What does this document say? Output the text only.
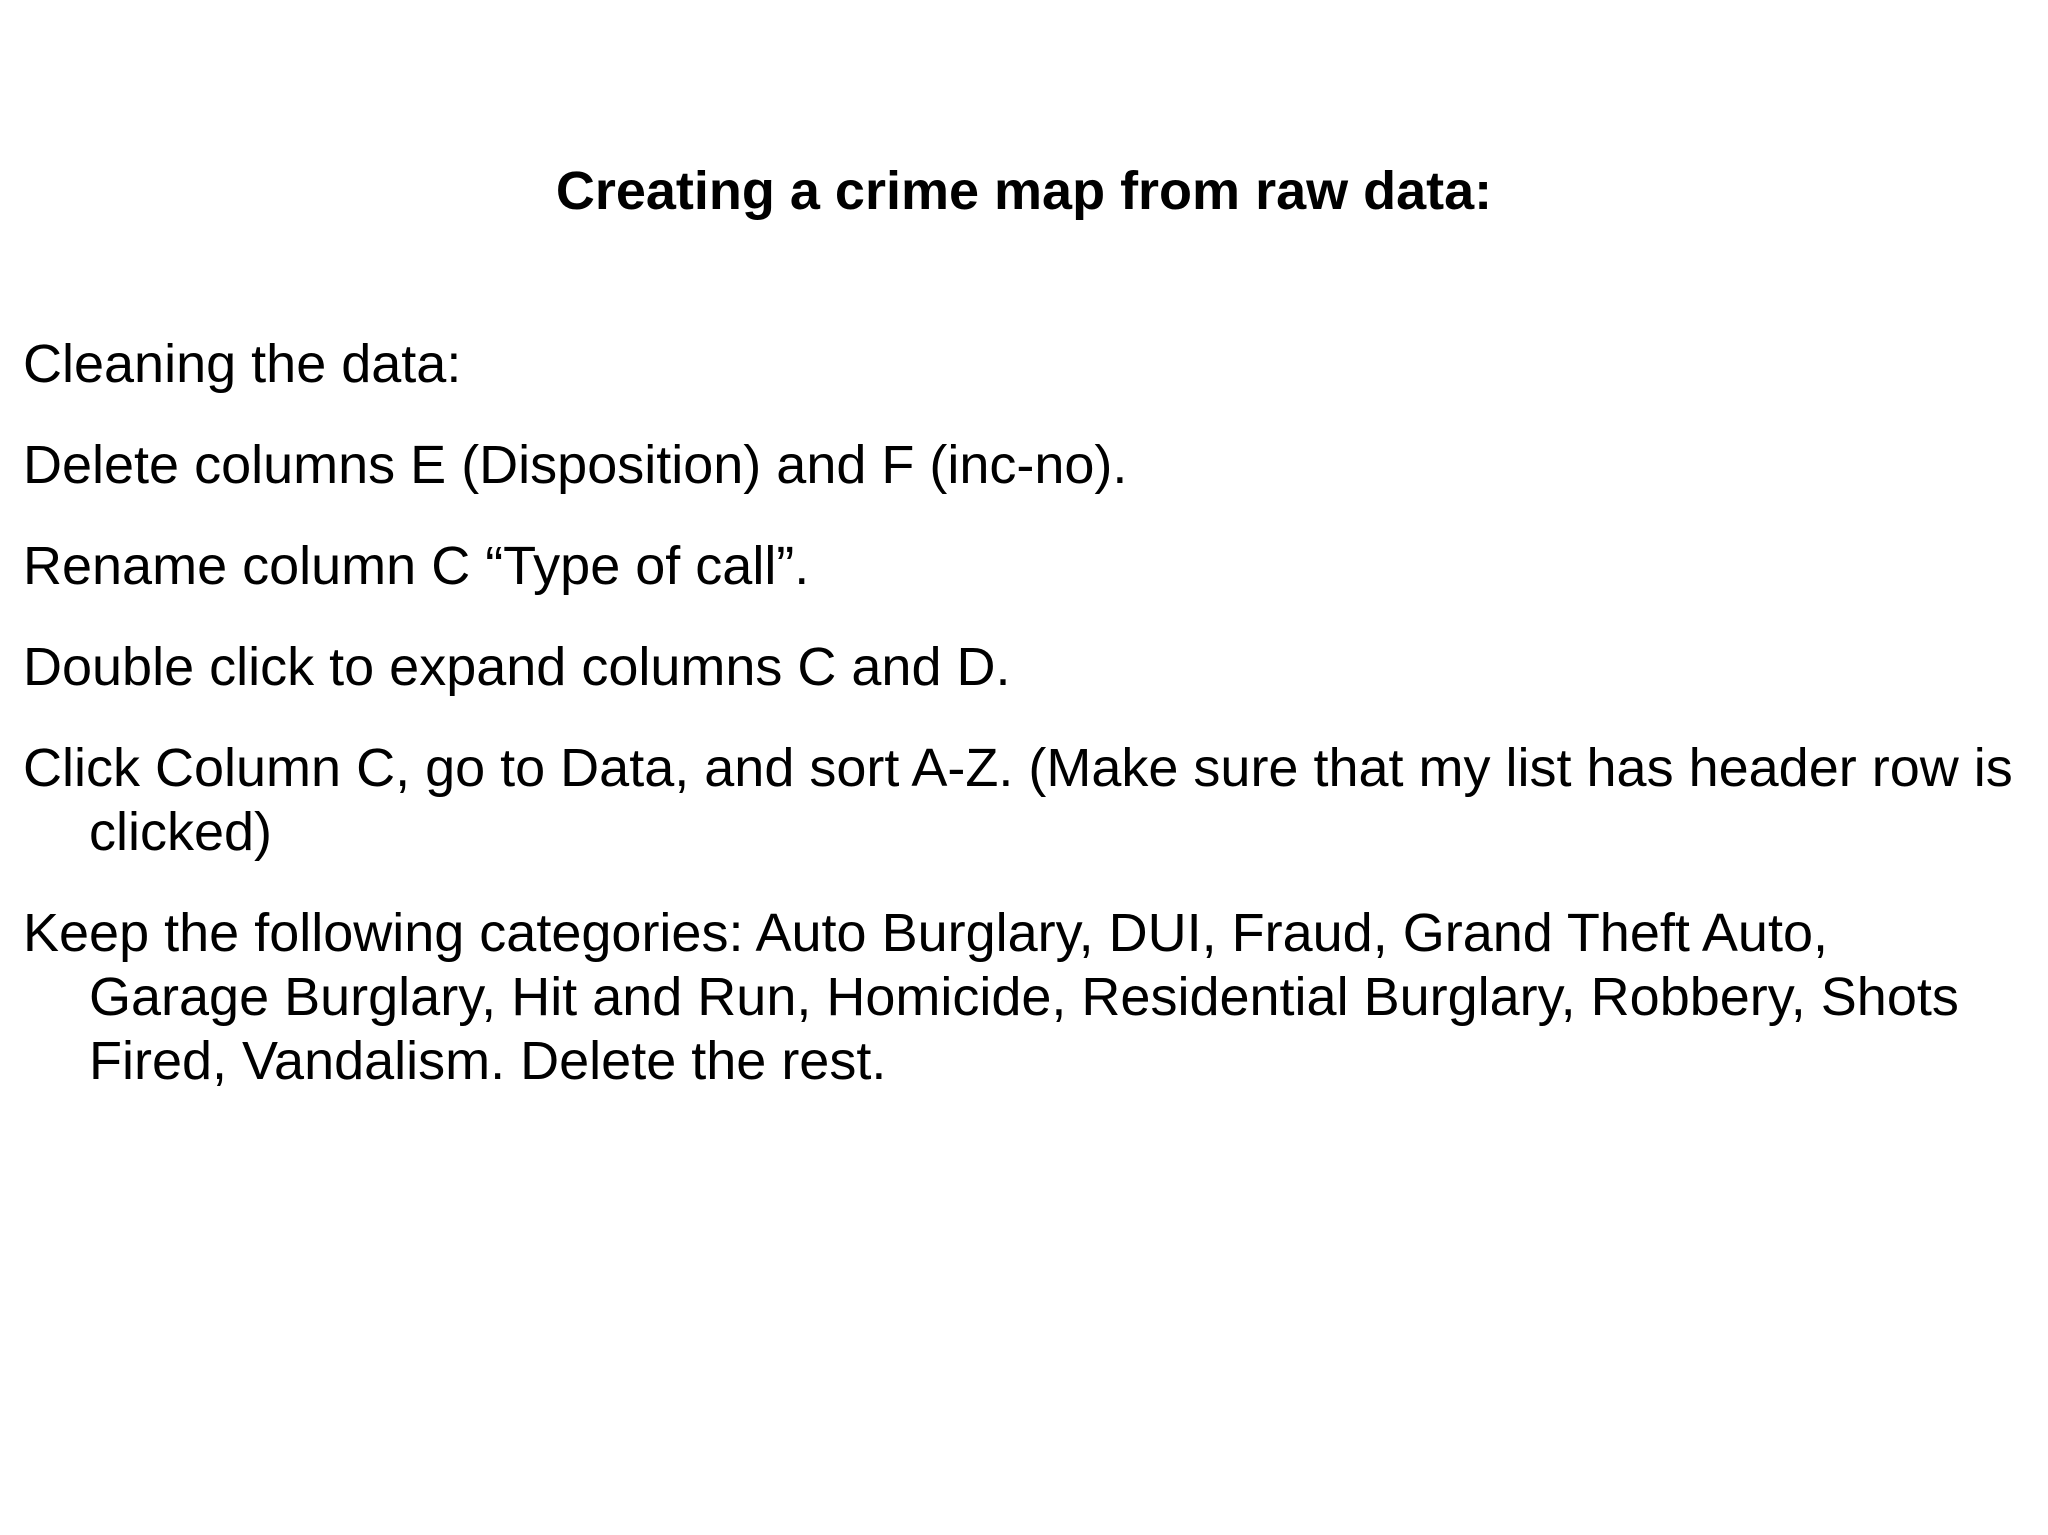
Creating a crime map from raw data:
Cleaning the data:
Delete columns E (Disposition) and F (inc-no).
Rename column C “Type of call”.
Double click to expand columns C and D.
Click Column C, go to Data, and sort A-Z. (Make sure that my list has header row is clicked)
Keep the following categories: Auto Burglary, DUI, Fraud, Grand Theft Auto, Garage Burglary, Hit and Run, Homicide, Residential Burglary, Robbery, Shots Fired, Vandalism. Delete the rest.
